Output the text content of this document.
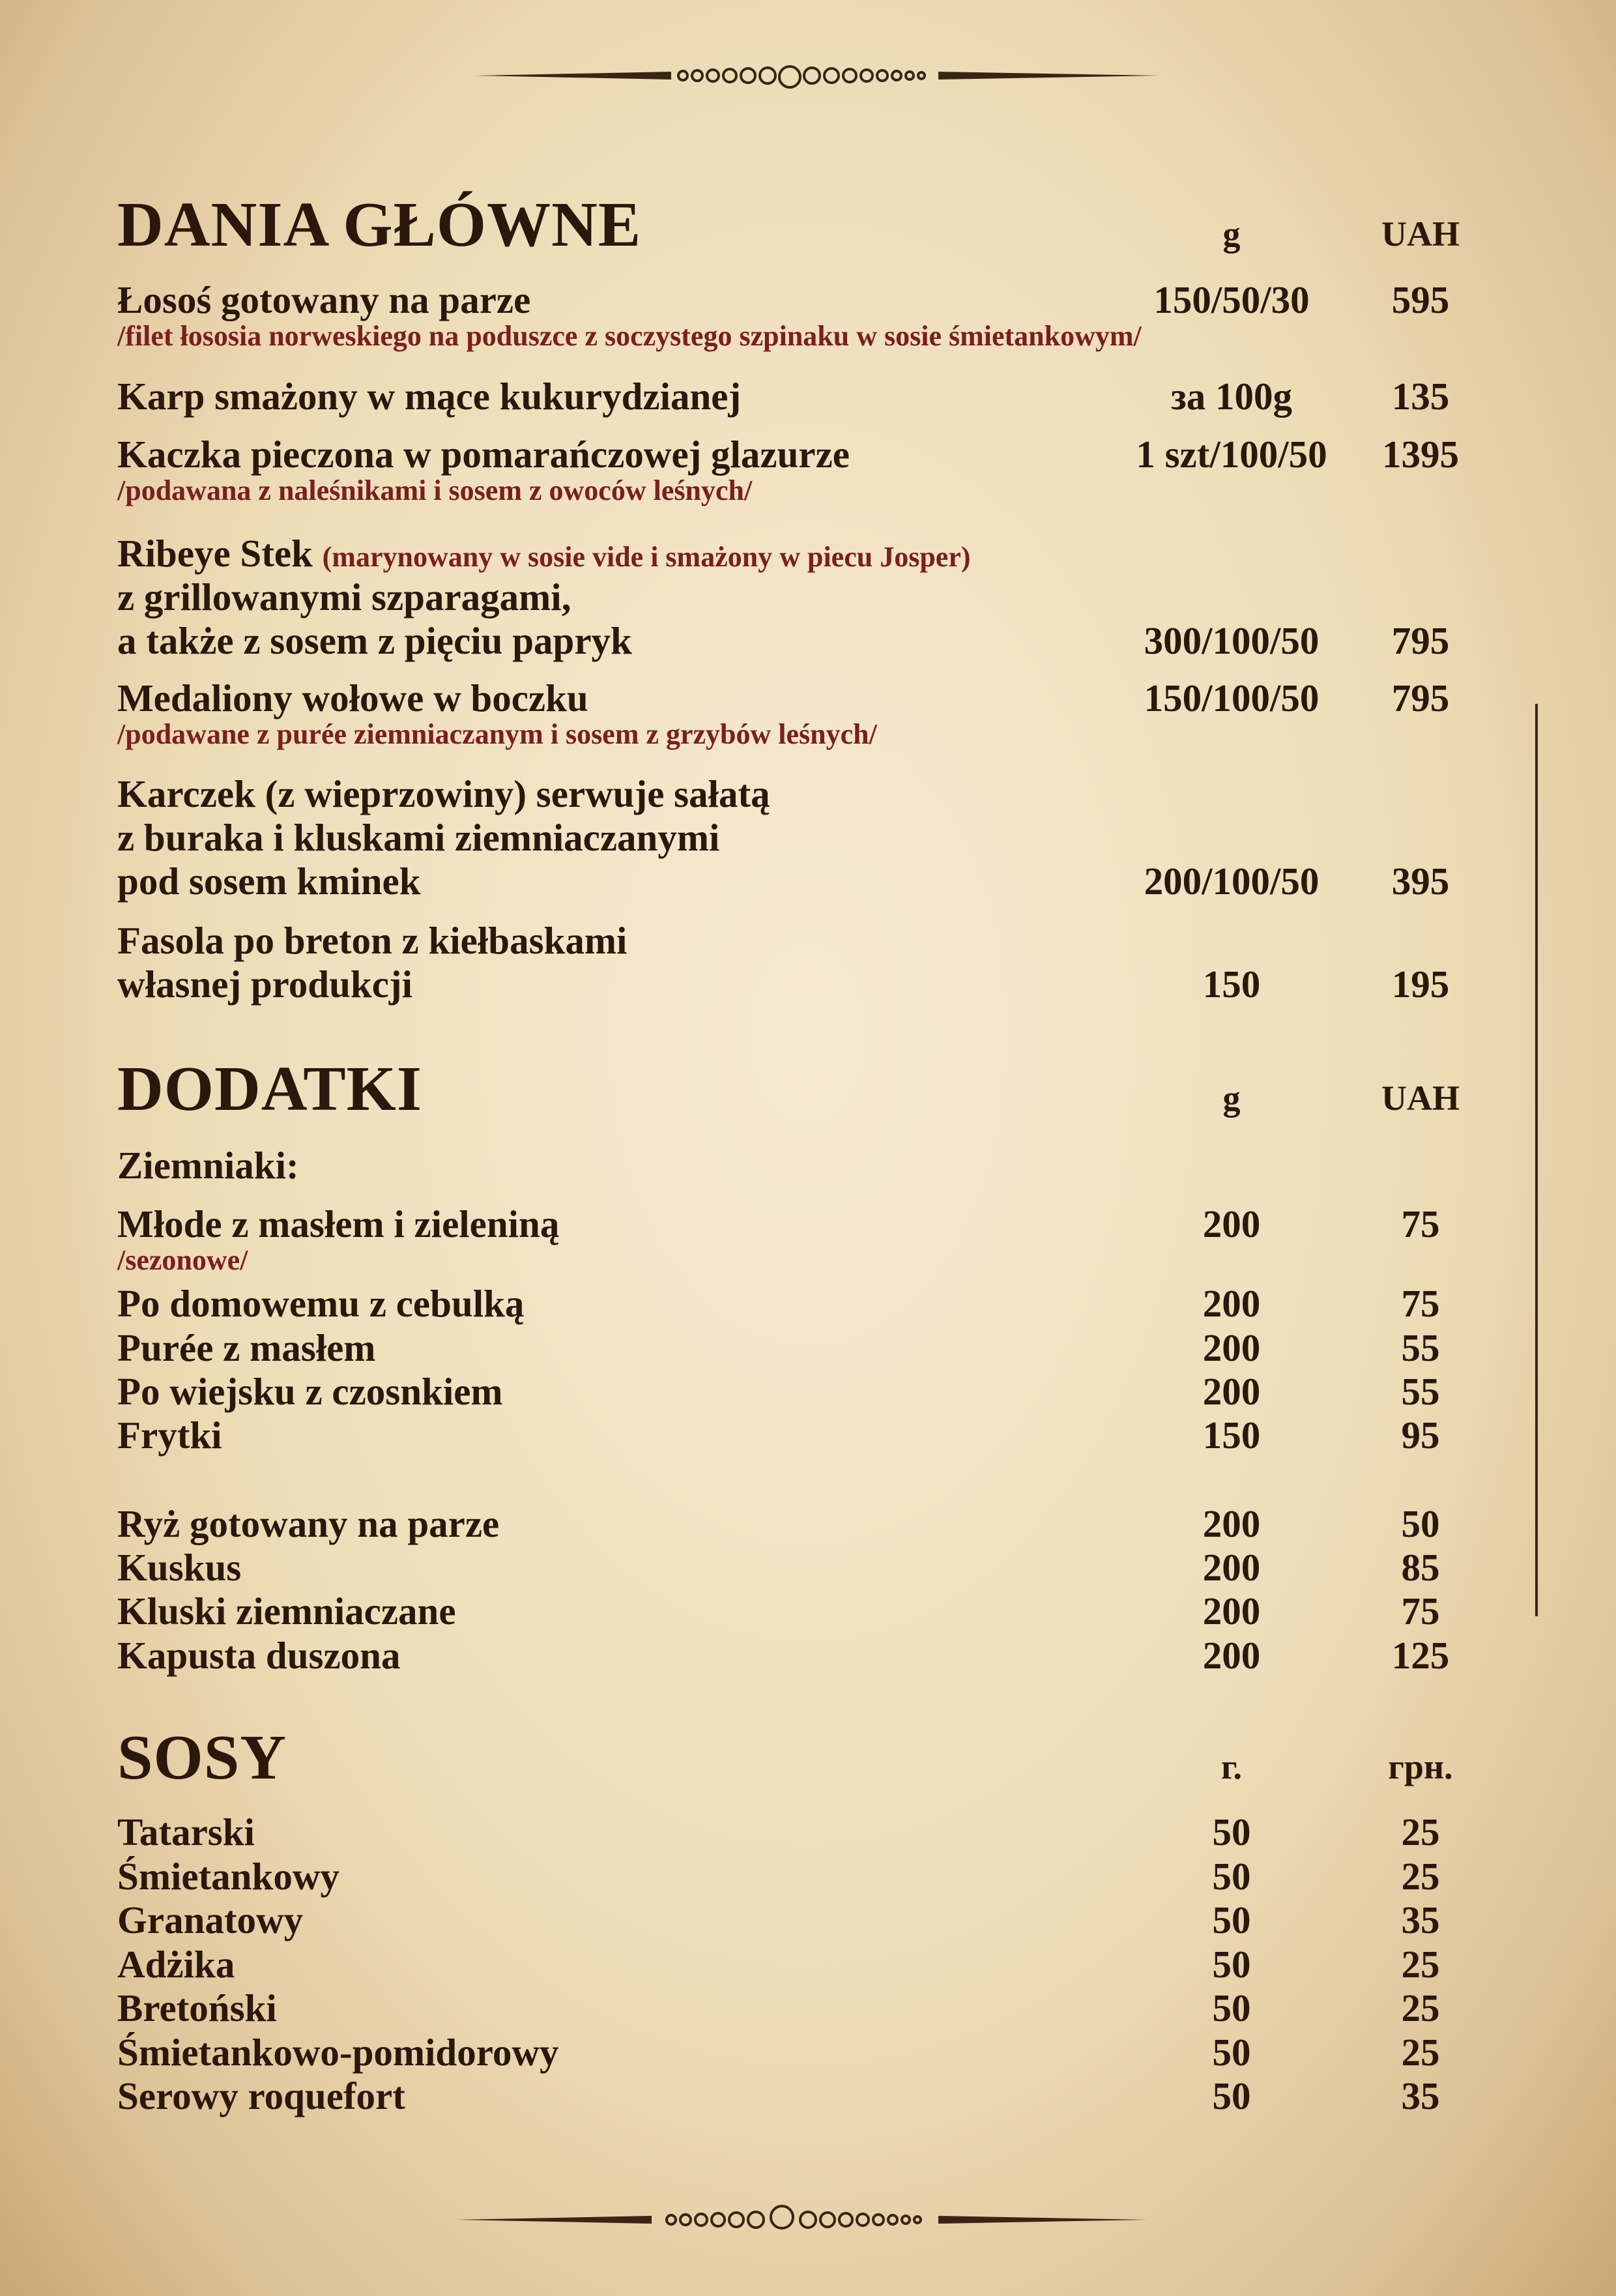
DANIA GŁÓWNE	g	UAH
Łosoś gotowany na parze	150/50/30	595
/filet łososia norweskiego na poduszce z soczystego szpinaku w sosie śmietankowym/
Karp smażony w mące kukurydzianej	за 100g	135
Kaczka pieczona w pomarańczowej glazurze	1 szt/100/50	1395
/podawana z naleśnikami i sosem z owoców leśnych/
Ribeye Stek (marynowany w sosie vide i smażony w piecu Josper)
z grillowanymi szparagami,
a także z sosem z pięciu papryk	300/100/50	795
Medaliony wołowe w boczku	150/100/50	795
/podawane z purée ziemniaczanym i sosem z grzybów leśnych/
Karczek (z wieprzowiny) serwuje sałatą
z buraka i kluskami ziemniaczanymi
pod sosem kminek	200/100/50	395
Fasola po breton z kiełbaskami
własnej produkcji	150	195
DODATKI	g	UAH
Ziemniaki:
Młode z masłem i zieleniną	200	75
/sezonowe/
Po domowemu z cebulką	200	75
Purée z masłem	200	55
Po wiejsku z czosnkiem	200	55
Frytki	150	95
Ryż gotowany na parze	200	50
Kuskus	200	85
Kluski ziemniaczane	200	75
Kapusta duszona	200	125
SOSY	г.	грн.
Tatarski	50	25
Śmietankowy	50	25
Granatowy	50	35
Adżika	50	25
Bretoński	50	25
Śmietankowo-pomidorowy	50	25
Serowy roquefort	50	35
